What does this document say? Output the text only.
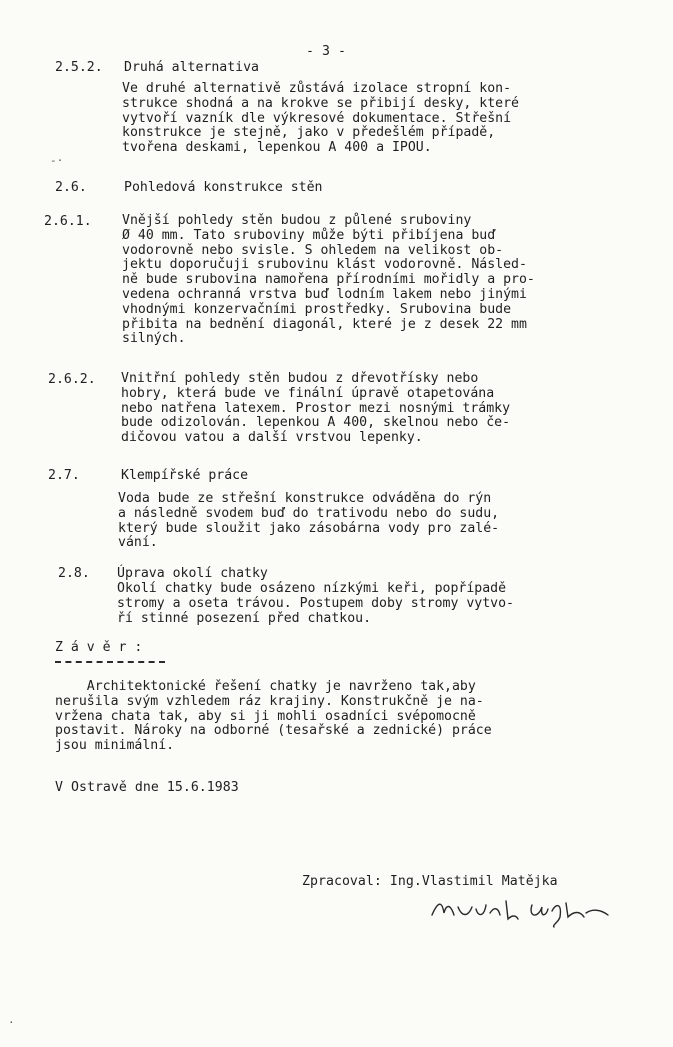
- 3 -
2.5.2. Druhá alternativa
Ve druhé alternativě zůstává izolace stropní kon-
strukce shodná a na krokve se přibijí desky, které
vytvoří vazník dle výkresové dokumentace. Střešní
konstrukce je stejně, jako v předešlém případě,
tvořena deskami, lepenkou A 400 a IPOU.
2.6.	Pohledová konstrukce stěn
2.6.1. Vnější pohledy stěn budou z půlené sruboviny
Ø 40 mm. Tato sruboviny může býti přibíjena buď
vodorovně nebo svisle. S ohledem na velikost ob-
jektu doporučuji srubovinu klást vodorovně. Násled-
ně bude srubovina namořena přírodními mořidly a pro-
vedena ochranná vrstva buď lodním lakem nebo jinými
vhodnými konzervačními prostředky. Srubovina bude
přibita na bednění diagonál, které je z desek 22 mm
silných.
2.6.2. Vnitřní pohledy stěn budou z dřevotřísky nebo
hobry, která bude ve finální úpravě otapetována
nebo natřena latexem. Prostor mezi nosnými trámky
bude odizolován. lepenkou A 400, skelnou nebo če-
dičovou vatou a další vrstvou lepenky.
2.7.	Klempířské práce
Voda bude ze střešní konstrukce odváděna do rýn
a následně svodem buď do trativodu nebo do sudu,
který bude sloužit jako zásobárna vody pro zalé-
vání.
2.8. Úprava okolí chatky
Okolí chatky bude osázeno nízkými keři, popřípadě
stromy a oseta trávou. Postupem doby stromy vytvo-
ří stinné posezení před chatkou.
Z á v ě r :
Architektonické řešení chatky je navrženo tak,aby
nerušila svým vzhledem ráz krajiny. Konstrukčně je na-
vržena chata tak, aby si ji mohli osadníci svépomocně
postavit. Nároky na odborné (tesařské a zednické) práce
jsou minimální.
V Ostravě dne 15.6.1983
Zpracoval: Ing.Vlastimil Matějka
-·
·
